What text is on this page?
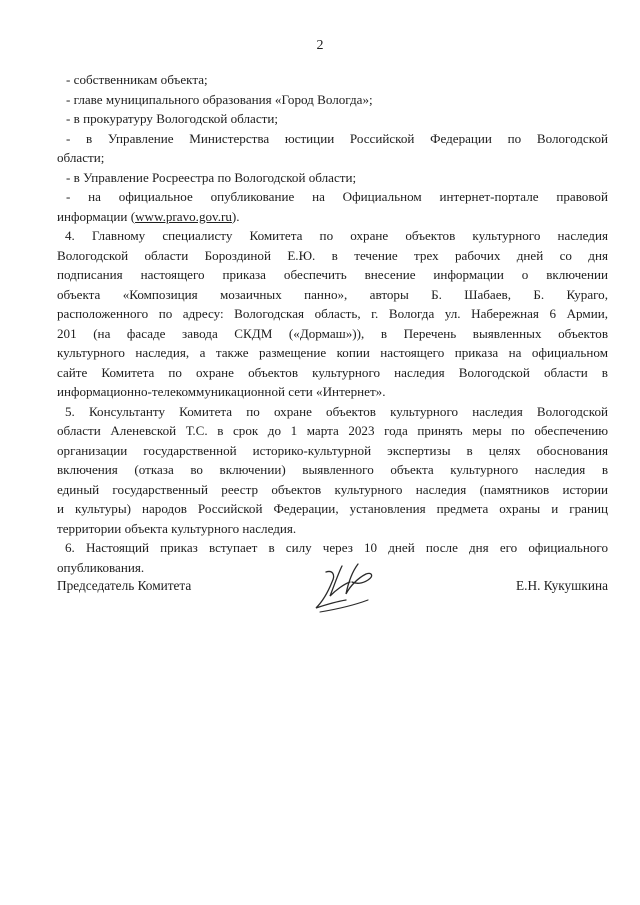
2
- собственникам объекта;
- главе муниципального образования «Город Вологда»;
- в прокуратуру Вологодской области;
- в Управление Министерства юстиции Российской Федерации по Вологодской
области;
- в Управление Росреестра по Вологодской области;
- на официальное опубликование на Официальном интернет-портале правовой
информации (www.pravo.gov.ru).
4. Главному специалисту Комитета по охране объектов культурного наследия
Вологодской области Бороздиной Е.Ю. в течение трех рабочих дней со дня
подписания настоящего приказа обеспечить внесение информации о включении
объекта «Композиция мозаичных панно», авторы Б. Шабаев, Б. Кураго,
расположенного по адресу: Вологодская область, г. Вологда ул. Набережная 6 Армии,
201 (на фасаде завода СКДМ («Дормаш»)), в Перечень выявленных объектов
культурного наследия, а также размещение копии настоящего приказа на официальном
сайте Комитета по охране объектов культурного наследия Вологодской области в
информационно-телекоммуникационной сети «Интернет».
5. Консультанту Комитета по охране объектов культурного наследия Вологодской
области Аленевской Т.С. в срок до 1 марта 2023 года принять меры по обеспечению
организации государственной историко-культурной экспертизы в целях обоснования
включения (отказа во включении) выявленного объекта культурного наследия в
единый государственный реестр объектов культурного наследия (памятников истории
и культуры) народов Российской Федерации, установления предмета охраны и границ
территории объекта культурного наследия.
6. Настоящий приказ вступает в силу через 10 дней после дня его официального
опубликования.
Председатель Комитета	Е.Н. Кукушкина
